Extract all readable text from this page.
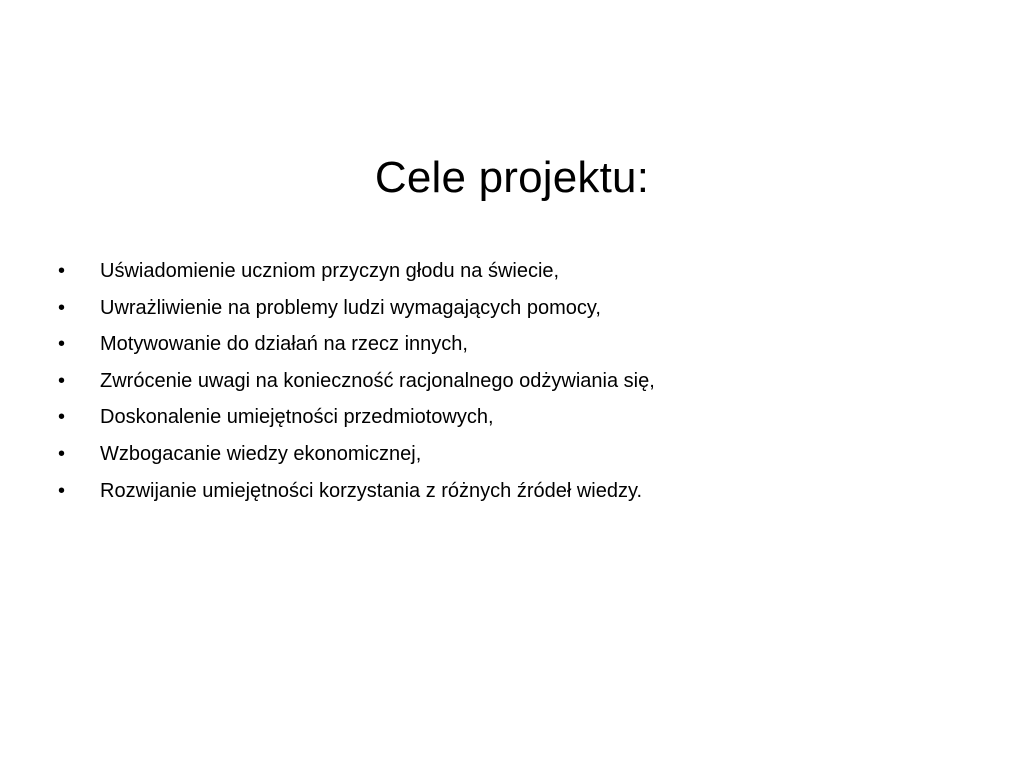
Cele projektu:
• Uświadomienie uczniom przyczyn głodu na świecie,
• Uwrażliwienie na problemy ludzi wymagających pomocy,
• Motywowanie do działań na rzecz innych,
• Zwrócenie uwagi na konieczność racjonalnego odżywiania się,
• Doskonalenie umiejętności przedmiotowych,
• Wzbogacanie wiedzy ekonomicznej,
• Rozwijanie umiejętności korzystania z różnych źródeł wiedzy.
